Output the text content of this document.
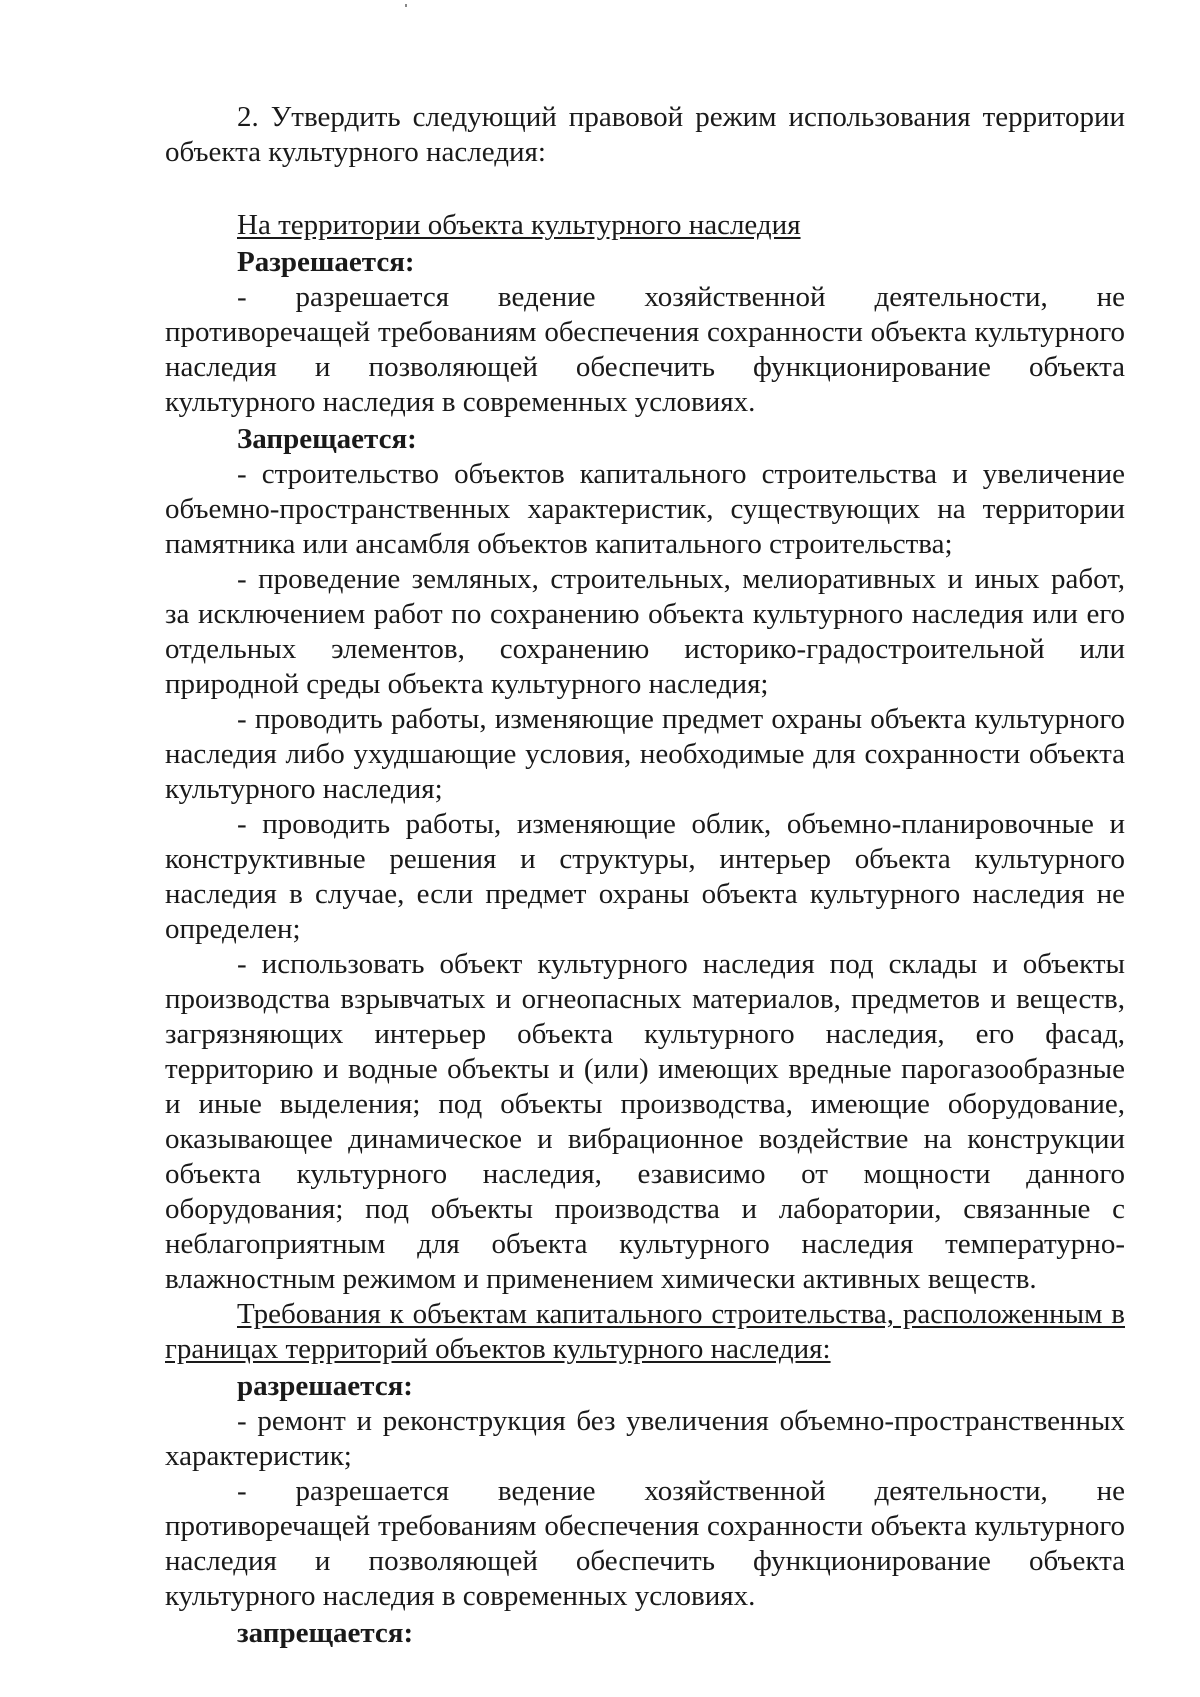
2. Утвердить следующий правовой режим использования территории объекта культурного наследия:

На территории объекта культурного наследия

Разрешается:

- разрешается ведение хозяйственной деятельности, не противоречащей требованиям обеспечения сохранности объекта культурного наследия и позволяющей обеспечить функционирование объекта культурного наследия в современных условиях.

Запрещается:

- строительство объектов капитального строительства и увеличение объемно-пространственных характеристик, существующих на территории памятника или ансамбля объектов капитального строительства;

- проведение земляных, строительных, мелиоративных и иных работ, за исключением работ по сохранению объекта культурного наследия или его отдельных элементов, сохранению историко-градостроительной или природной среды объекта культурного наследия;

- проводить работы, изменяющие предмет охраны объекта культурного наследия либо ухудшающие условия, необходимые для сохранности объекта культурного наследия;

- проводить работы, изменяющие облик, объемно-планировочные и конструктивные решения и структуры, интерьер объекта культурного наследия в случае, если предмет охраны объекта культурного наследия не определен;

- использовать объект культурного наследия под склады и объекты производства взрывчатых и огнеопасных материалов, предметов и веществ, загрязняющих интерьер объекта культурного наследия, его фасад, территорию и водные объекты и (или) имеющих вредные парогазообразные и иные выделения; под объекты производства, имеющие оборудование, оказывающее динамическое и вибрационное воздействие на конструкции объекта культурного наследия, езависимо от мощности данного оборудования; под объекты производства и лаборатории, связанные с неблагоприятным для объекта культурного наследия температурно-влажностным режимом и применением химически активных веществ.

Требования к объектам капитального строительства, расположенным в границах территорий объектов культурного наследия:

разрешается:

- ремонт и реконструкция без увеличения объемно-пространственных характеристик;

- разрешается ведение хозяйственной деятельности, не противоречащей требованиям обеспечения сохранности объекта культурного наследия и позволяющей обеспечить функционирование объекта культурного наследия в современных условиях.

запрещается:
